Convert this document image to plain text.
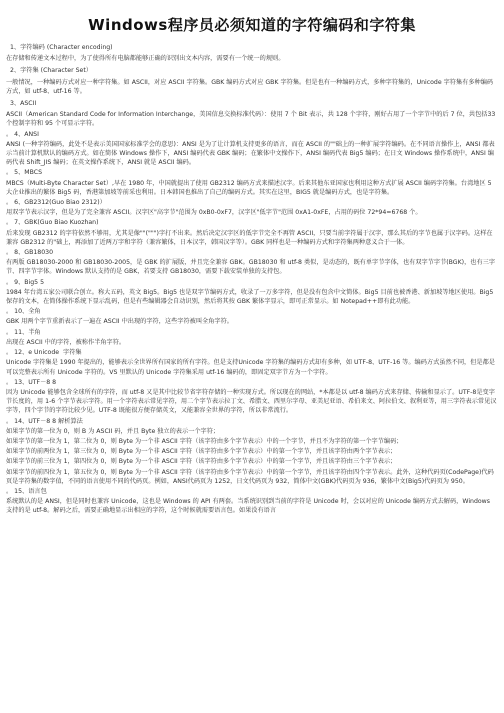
Windows程序员必须知道的字符编码和字符集

1、字符编码 (Character encoding)

在存储和传递文本过程中，为了使得所有电脑都能够正确的识别出文本内容，需要有一个统一的规则。

2、字符集 (Character Set）

一般情况，一种编码方式对应一种字符集。如 ASCII，对应 ASCII 字符集。GBK 编码方式对应 GBK 字符集。但是也有一种编码方式，多种字符集的，Unicode 字符集有多种编码方式，如 utf-8、utf-16 等。

3、ASCII

ASCII（American Standard Code for Information Interchange，美国信息交换标准代码）：使用 7 个 Bit 表示，共 128 个字符，刚好占用了一个字节中的后 7 位，共包括33 个控制字符和 95 个可显示字符。

。 4、ANSI

ANSI (一种字符编码，此处不是表示美国国家标准学会的意思)：ANSI 是为了让计算机支持更多的语言，而在 ASCII 的""础上的一种扩展字符编码。在不同语言操作上，ANSI 都表示当前计算机默认的编码方式。如在简体 Windows 操作下，ANSI 编码代表 GBK 编码；在繁体中文操作下，ANSI 编码代表 Big5 编码；在日文 Windows 操作系统中，ANSI 编码代表 Shift_JIS 编码；在英文操作系统下，ANSI 就是 ASCII 编码。

。 5、MBCS

MBCS（Multi-Byte Character Set）,早在 1980 年，中国就提出了使用 GB2312 编码方式来描述汉字。后来其他东亚国家也利用这种方式扩展 ASCII 编码字符集。台湾地区 5 大企业推出的繁体 Big5 码，香港第加坡等前采也利用。日本韩国也推出了自己的编码方式。其实在这里，BIG5 就是编码方式，也是字符集。

。 6、GB2312(Guo Biao 2312)）

用双字节表示汉字，但是为了完全兼容 ASCII。汉字区"高字节"范围为 0xB0-0xF7，汉字区"低字节"范围 0xA1-0xFE，占用的码位 72*94=6768 个。

。 7、GBK(Guo Biao Kuozhan)

后来发现 GB2312 的字符依然不够用，尤其是像""(""")字打不出来。然后决定汉字区的低字节完全不再管 ASCII，只要当前字符属于汉字，那么其后的字节也属于汉字码。这样在兼容 GB2312 的"础上，再添加了近两万字和字符（兼容繁体，日本汉字，韩国汉字等）。GBK 同样也是一种编码方式和字符集两种意义合于一体。

。 8、GB18030

有两版 GB18030-2000 和 GB18030-2005，是 GBK 的扩展版，并且完全兼容 GBK。GB18030 和 utf-8 类似，是动态的，既有单字节字体，也有双字节字节(BGK)，也有三字节、四字节字体。Windows 默认支持的是 GBK，若要支持 GB18030，需要下载安装单独的支持包。

。 9、Big5 5

1984 年台湾五家公司联合创立。称大五码，英文 Big5。Big5 也是双字节编码方式，收录了一万多字符，但是没有包含中文简体。Big5 目前也被香港、新加坡等地区使用。Big5 保存的文本，在简体操作系统下显示乱码，但是有些编辑器会自动识别，然后将其按 GBK 繁体字显示，即可正常显示。如 Notepad++即有此功能。

。 10、全角

GBK 用两个字节重新表示了一遍在 ASCII 中出现的字符，这些字符被叫全角字符。

。 11、半角

出现在 ASCII 中的字符，被称作半角字符。

。 12、e Unicode  字符集

Unicode 字符集是 1990 年提出的，能够表示全世界所有国家的所有字符。但是支持Unicode 字符集的编码方式却有多种，如 UTF-8、UTF-16 等。编码方式虽然不同，但是都是可以完整表示所有 Unicode 字符的。VS 里默认的 Unicode 字符集采用 utf-16 编码的，即固定双字节方为一个字符。

。 13、UTF－8 8

因为 Unicode 能够包含全球所有的字符，而 utf-8 又是其中比较节省字符存储的一种实现方式。所以现在的网站，*本都是以 utf-8 编码方式来存储、传输和显示了。UTF-8是变字节长度的，用 1-6 个字节表示字符。用一个字符表示常见字符，用二个字节表示拉丁文、希腊文、西里尔字母、亚美尼亚语、希伯来文、阿拉伯文、叙利亚等，用三字符表示常见汉字等，四个字节的字符比较少见。UTF-8 既能很方便存储英文，又能兼容全世界的字符，所以非常流行。

。 14、UTF－8 8 解析算法

如果字节的第一位为 0，则 B 为 ASCII 码，并且 Byte 独立的表示一个字符；

如果字节的第一位为 1，第二位为 0，则 Byte 为一个非 ASCII 字符（该字符由多个字节表示）中的一个字节，并且不为字符的第一个字节编码；

如果字节的前两位为 1，第三位为 0，则 Byte 为一个非 ASCII 字符（该字符由多个字节表示）中的第一个字节，并且该字符由两个字节表示；

如果字节的前三位为 1，第四位为 0，则 Byte 为一个非 ASCII 字符（该字符由多个字节表示）中的第一个字节，并且该字符由三个字节表示；

如果字节的前四位为 1，第五位为 0，则 Byte 为一个非 ASCII 字符（该字符由多个字节表示）中的第一个字节，并且该字符由四个字节表示。此外，这种代码页(CodePage)代码页是字符集的数字值，不同的语言使用不同的代码页。例如，ANSI代码页为 1252，日文代码页为 932，简体中文(GBK)代码页为 936，繁体中文(Big5)代码页为 950。

。 15、语言包

系统默认的是 ANSI，但是同时也兼容 Unicode，这也是 Windows 的 API 有两套。当系统识别到当前的字符是 Unicode 时，会以对应的 Unicode 编码方式去解码，Windows 支持的是 utf-8。解码之后，需要正确地显示出相应的字符，这个时候就需要语言包。如果没有语言
